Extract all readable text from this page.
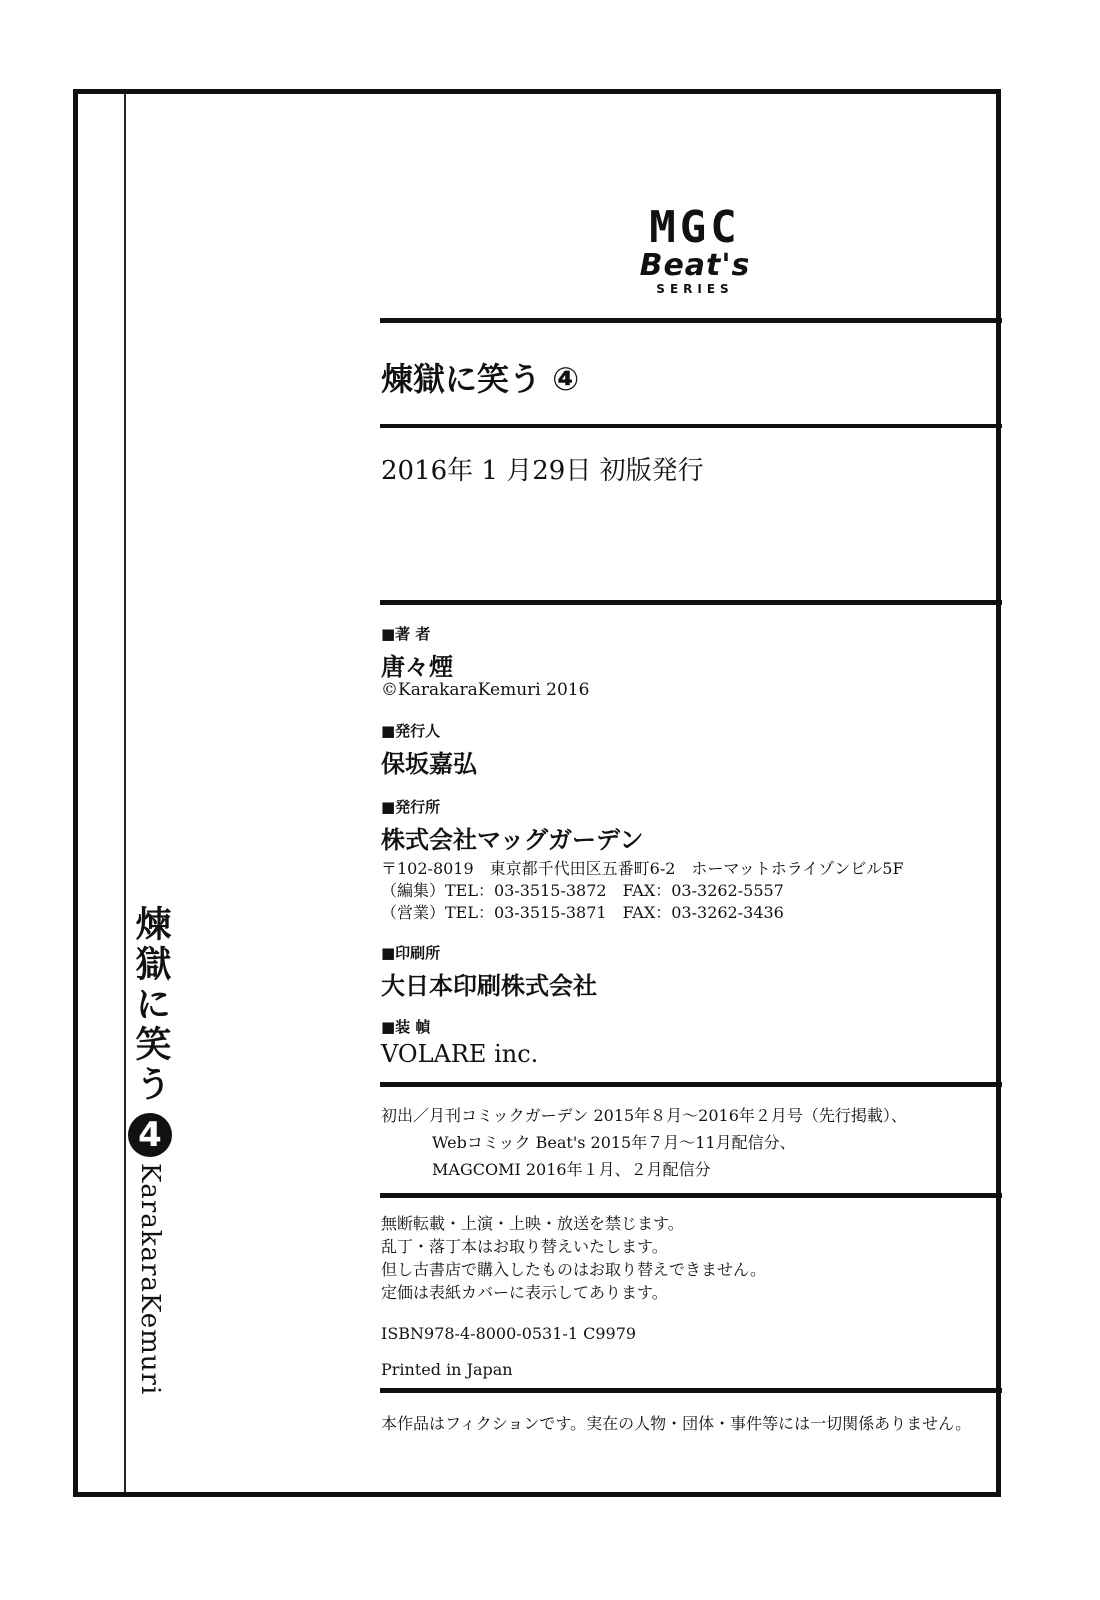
煉獄に笑う
4
KarakaraKemuri
MGC
Beat's
SERIES
煉獄に笑う ④
2016年 1 月29日 初版発行
■著 者
唐々煙
©KarakaraKemuri 2016
■発行人
保坂嘉弘
■発行所
株式会社マッグガーデン
〒102-8019　東京都千代田区五番町6-2　ホーマットホライゾンビル5F
（編集）TEL：03-3515-3872　FAX：03-3262-5557
（営業）TEL：03-3515-3871　FAX：03-3262-3436
■印刷所
大日本印刷株式会社
■装 幀
VOLARE inc.
初出／月刊コミックガーデン 2015年８月～2016年２月号（先行掲載）、
Webコミック Beat's 2015年７月～11月配信分、
MAGCOMI 2016年１月、２月配信分
無断転載・上演・上映・放送を禁じます。
乱丁・落丁本はお取り替えいたします。
但し古書店で購入したものはお取り替えできません。
定価は表紙カバーに表示してあります。
ISBN978-4-8000-0531-1 C9979
Printed in Japan
本作品はフィクションです。実在の人物・団体・事件等には一切関係ありません。
